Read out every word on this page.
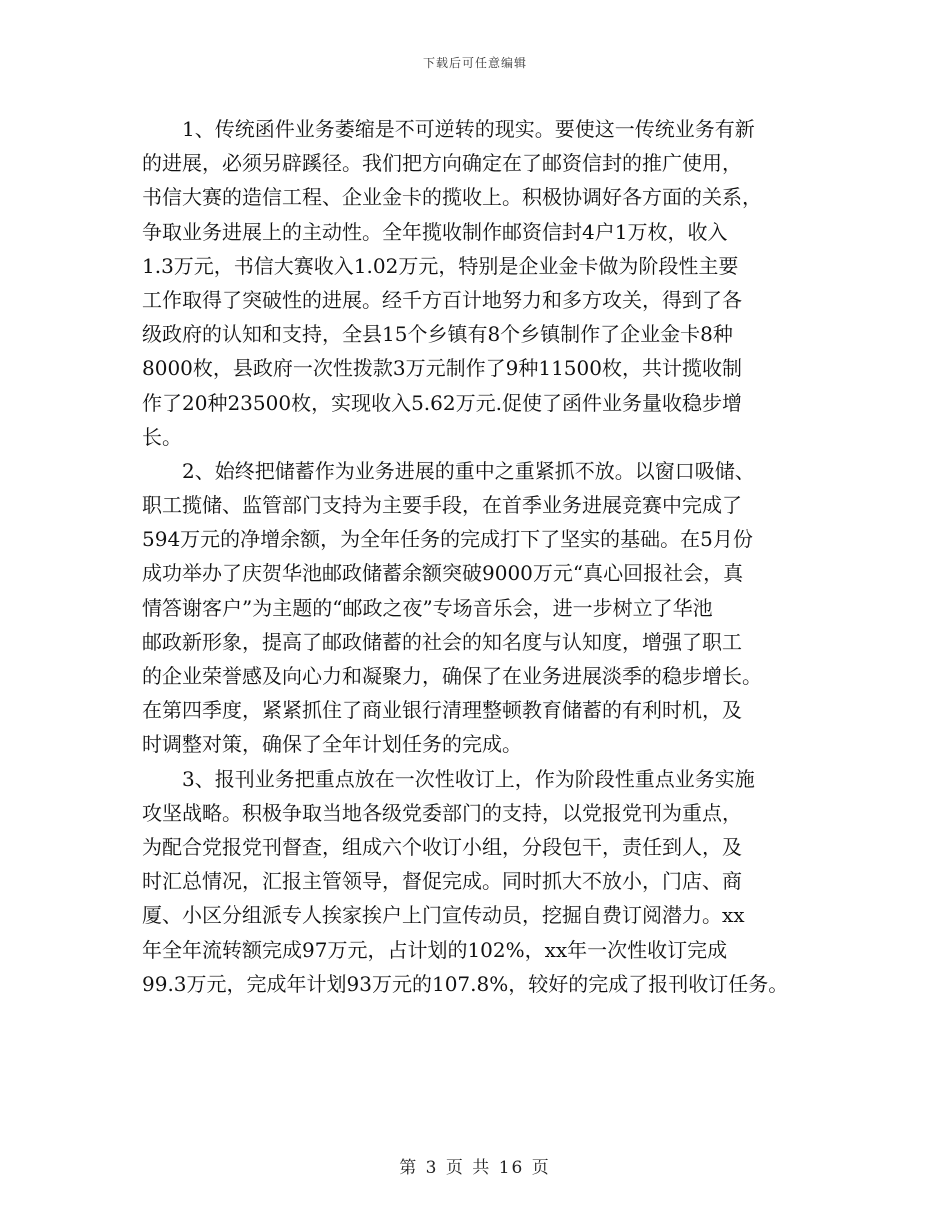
下载后可任意编辑
　　1、传统函件业务萎缩是不可逆转的现实。要使这一传统业务有新
的进展，必须另辟蹊径。我们把方向确定在了邮资信封的推广使用，
书信大赛的造信工程、企业金卡的揽收上。积极协调好各方面的关系，
争取业务进展上的主动性。全年揽收制作邮资信封4户1万枚，收入
1.3万元，书信大赛收入1.02万元，特别是企业金卡做为阶段性主要
工作取得了突破性的进展。经千方百计地努力和多方攻关，得到了各
级政府的认知和支持，全县15个乡镇有8个乡镇制作了企业金卡8种
8000枚，县政府一次性拨款3万元制作了9种11500枚，共计揽收制
作了20种23500枚，实现收入5.62万元.促使了函件业务量收稳步增
长。
　　2、始终把储蓄作为业务进展的重中之重紧抓不放。以窗口吸储、
职工揽储、监管部门支持为主要手段，在首季业务进展竞赛中完成了
594万元的净增余额，为全年任务的完成打下了坚实的基础。在5月份
成功举办了庆贺华池邮政储蓄余额突破9000万元“真心回报社会，真
情答谢客户”为主题的“邮政之夜”专场音乐会，进一步树立了华池
邮政新形象，提高了邮政储蓄的社会的知名度与认知度，增强了职工
的企业荣誉感及向心力和凝聚力，确保了在业务进展淡季的稳步增长。
在第四季度，紧紧抓住了商业银行清理整顿教育储蓄的有利时机，及
时调整对策，确保了全年计划任务的完成。
　　3、报刊业务把重点放在一次性收订上，作为阶段性重点业务实施
攻坚战略。积极争取当地各级党委部门的支持，以党报党刊为重点，
为配合党报党刊督查，组成六个收订小组，分段包干，责任到人，及
时汇总情况，汇报主管领导，督促完成。同时抓大不放小，门店、商
厦、小区分组派专人挨家挨户上门宣传动员，挖掘自费订阅潜力。xx
年全年流转额完成97万元，占计划的102%，xx年一次性收订完成
99.3万元，完成年计划93万元的107.8%，较好的完成了报刊收订任务。
第 3 页 共 16 页
